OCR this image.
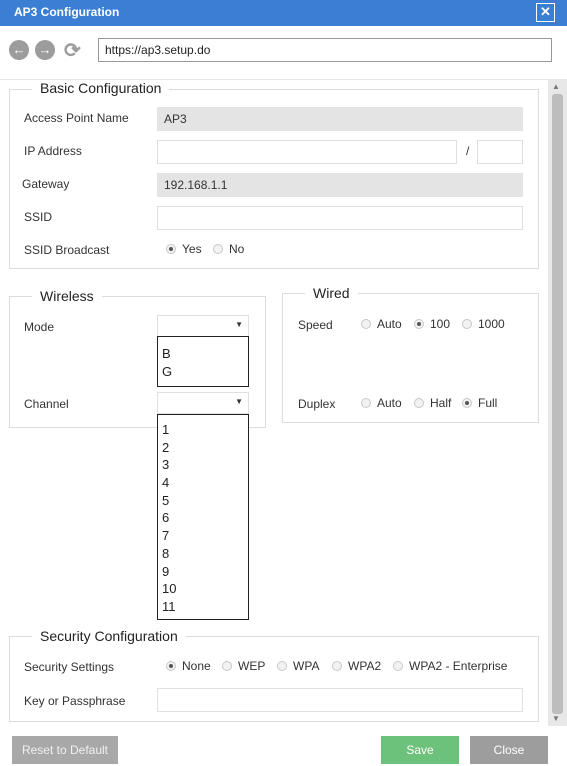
AP3 Configuration	✕
← → ⟳	https://ap3.setup.do
Basic Configuration
Access Point Name	AP3
IP Address	/
Gateway	192.168.1.1
SSID
SSID Broadcast	Yes No
Wireless
Mode	▼
B
G
Channel	▼
1
2
3
4
5
6
7
8
9
10
11
Wired
Speed	Auto 100 1000
Duplex	Auto Half Full
Security Configuration
Security Settings	None WEP WPA WPA2 WPA2 - Enterprise
Key or Passphrase
▲
▼
Reset to Default	Save	Close
